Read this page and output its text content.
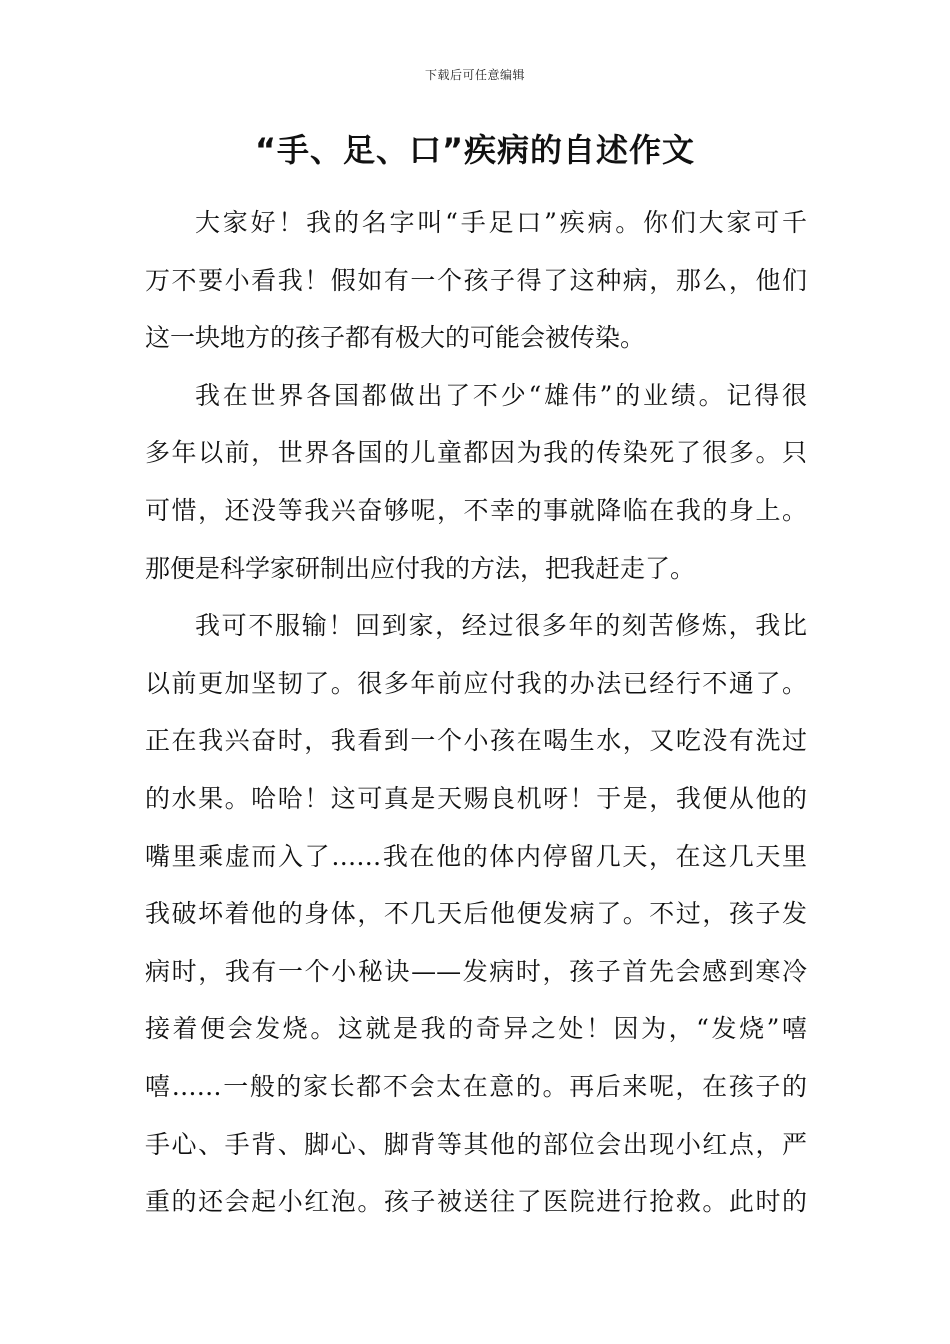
下载后可任意编辑
“手、足、口”疾病的自述作文
大家好！我的名字叫“手足口”疾病。你们大家可千
万不要小看我！假如有一个孩子得了这种病，那么，他们
这一块地方的孩子都有极大的可能会被传染。
我在世界各国都做出了不少“雄伟”的业绩。记得很
多年以前，世界各国的儿童都因为我的传染死了很多。只
可惜，还没等我兴奋够呢，不幸的事就降临在我的身上。
那便是科学家研制出应付我的方法，把我赶走了。
我可不服输！回到家，经过很多年的刻苦修炼，我比
以前更加坚韧了。很多年前应付我的办法已经行不通了。
正在我兴奋时，我看到一个小孩在喝生水，又吃没有洗过
的水果。哈哈！这可真是天赐良机呀！于是，我便从他的
嘴里乘虚而入了……我在他的体内停留几天，在这几天里
我破坏着他的身体，不几天后他便发病了。不过，孩子发
病时，我有一个小秘诀——发病时，孩子首先会感到寒冷
接着便会发烧。这就是我的奇异之处！因为，“发烧”嘻
嘻……一般的家长都不会太在意的。再后来呢，在孩子的
手心、手背、脚心、脚背等其他的部位会出现小红点，严
重的还会起小红泡。孩子被送往了医院进行抢救。此时的
